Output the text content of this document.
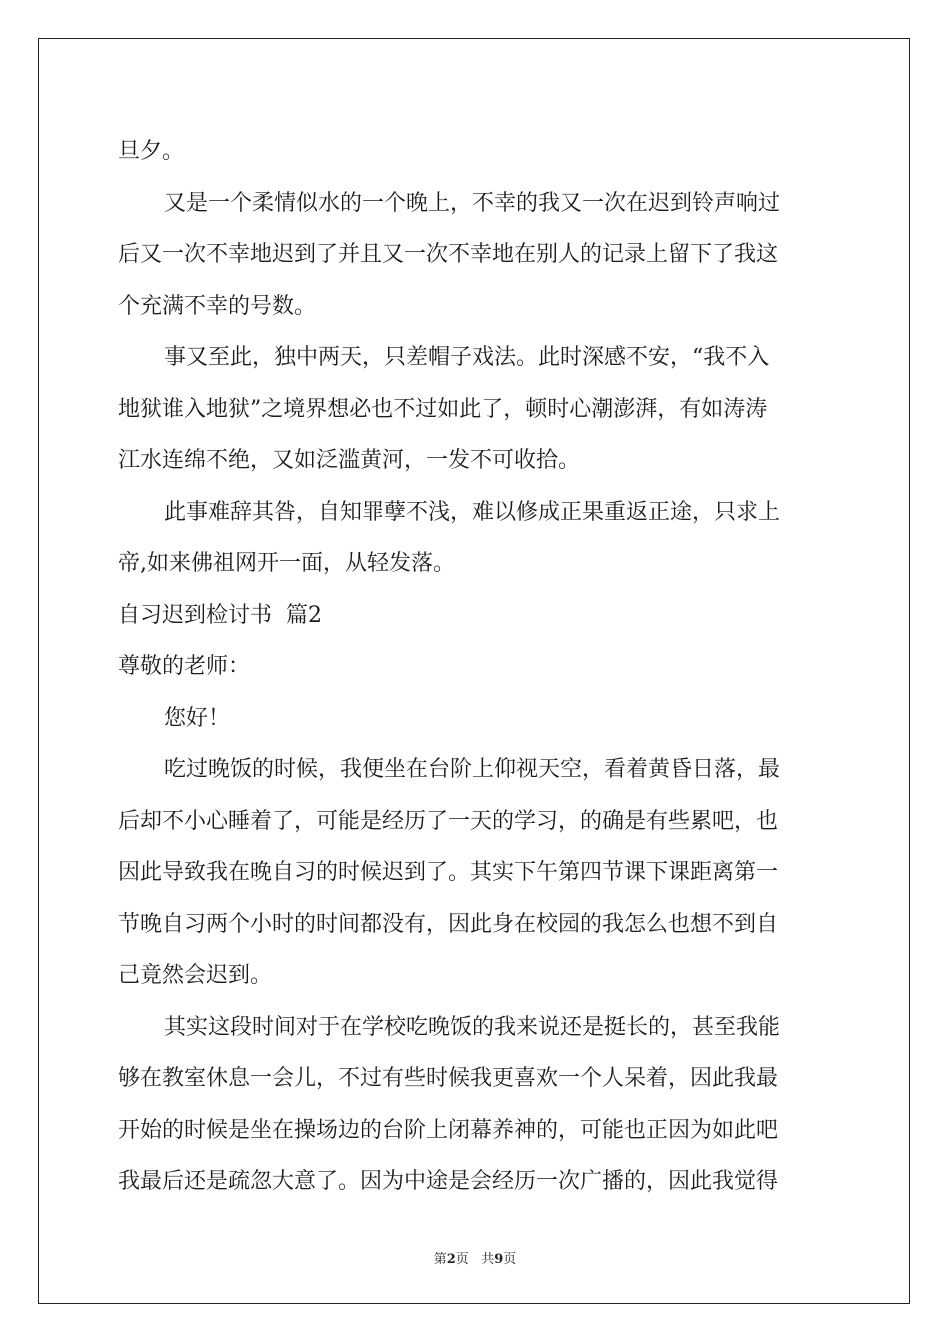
旦夕。
又是一个柔情似水的一个晚上，不幸的我又一次在迟到铃声响过
后又一次不幸地迟到了并且又一次不幸地在别人的记录上留下了我这
个充满不幸的号数。
事又至此，独中两天，只差帽子戏法。此时深感不安，“我不入
地狱谁入地狱”之境界想必也不过如此了，顿时心潮澎湃，有如涛涛
江水连绵不绝，又如泛滥黄河，一发不可收拾。
此事难辞其咎，自知罪孽不浅，难以修成正果重返正途，只求上
帝,如来佛祖网开一面，从轻发落。
自习迟到检讨书  篇2
尊敬的老师：
您好！
吃过晚饭的时候，我便坐在台阶上仰视天空，看着黄昏日落，最
后却不小心睡着了，可能是经历了一天的学习，的确是有些累吧，也
因此导致我在晚自习的时候迟到了。其实下午第四节课下课距离第一
节晚自习两个小时的时间都没有，因此身在校园的我怎么也想不到自
己竟然会迟到。
其实这段时间对于在学校吃晚饭的我来说还是挺长的，甚至我能
够在教室休息一会儿，不过有些时候我更喜欢一个人呆着，因此我最
开始的时候是坐在操场边的台阶上闭幕养神的，可能也正因为如此吧
我最后还是疏忽大意了。因为中途是会经历一次广播的，因此我觉得
第2页 共9页
